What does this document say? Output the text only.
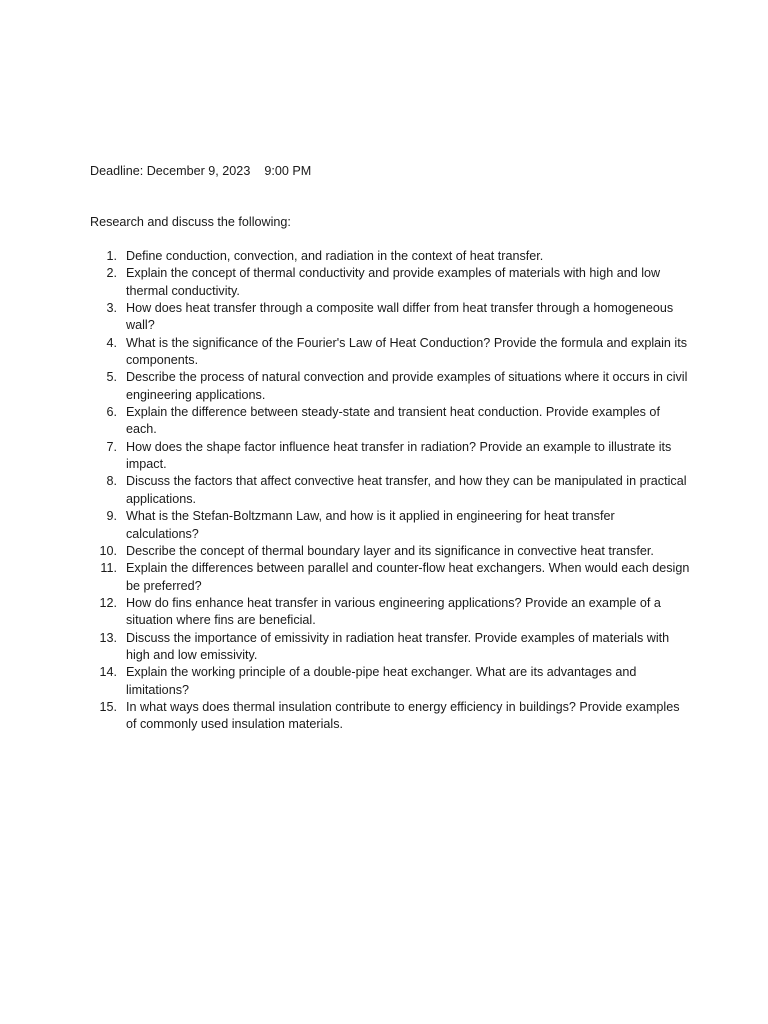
Deadline: December 9, 2023    9:00 PM
Research and discuss the following:
1. Define conduction, convection, and radiation in the context of heat transfer.
2. Explain the concept of thermal conductivity and provide examples of materials with high and low thermal conductivity.
3. How does heat transfer through a composite wall differ from heat transfer through a homogeneous wall?
4. What is the significance of the Fourier's Law of Heat Conduction? Provide the formula and explain its components.
5. Describe the process of natural convection and provide examples of situations where it occurs in civil engineering applications.
6. Explain the difference between steady-state and transient heat conduction. Provide examples of each.
7. How does the shape factor influence heat transfer in radiation? Provide an example to illustrate its impact.
8. Discuss the factors that affect convective heat transfer, and how they can be manipulated in practical applications.
9. What is the Stefan-Boltzmann Law, and how is it applied in engineering for heat transfer calculations?
10. Describe the concept of thermal boundary layer and its significance in convective heat transfer.
11. Explain the differences between parallel and counter-flow heat exchangers. When would each design be preferred?
12. How do fins enhance heat transfer in various engineering applications? Provide an example of a situation where fins are beneficial.
13. Discuss the importance of emissivity in radiation heat transfer. Provide examples of materials with high and low emissivity.
14. Explain the working principle of a double-pipe heat exchanger. What are its advantages and limitations?
15. In what ways does thermal insulation contribute to energy efficiency in buildings? Provide examples of commonly used insulation materials.
